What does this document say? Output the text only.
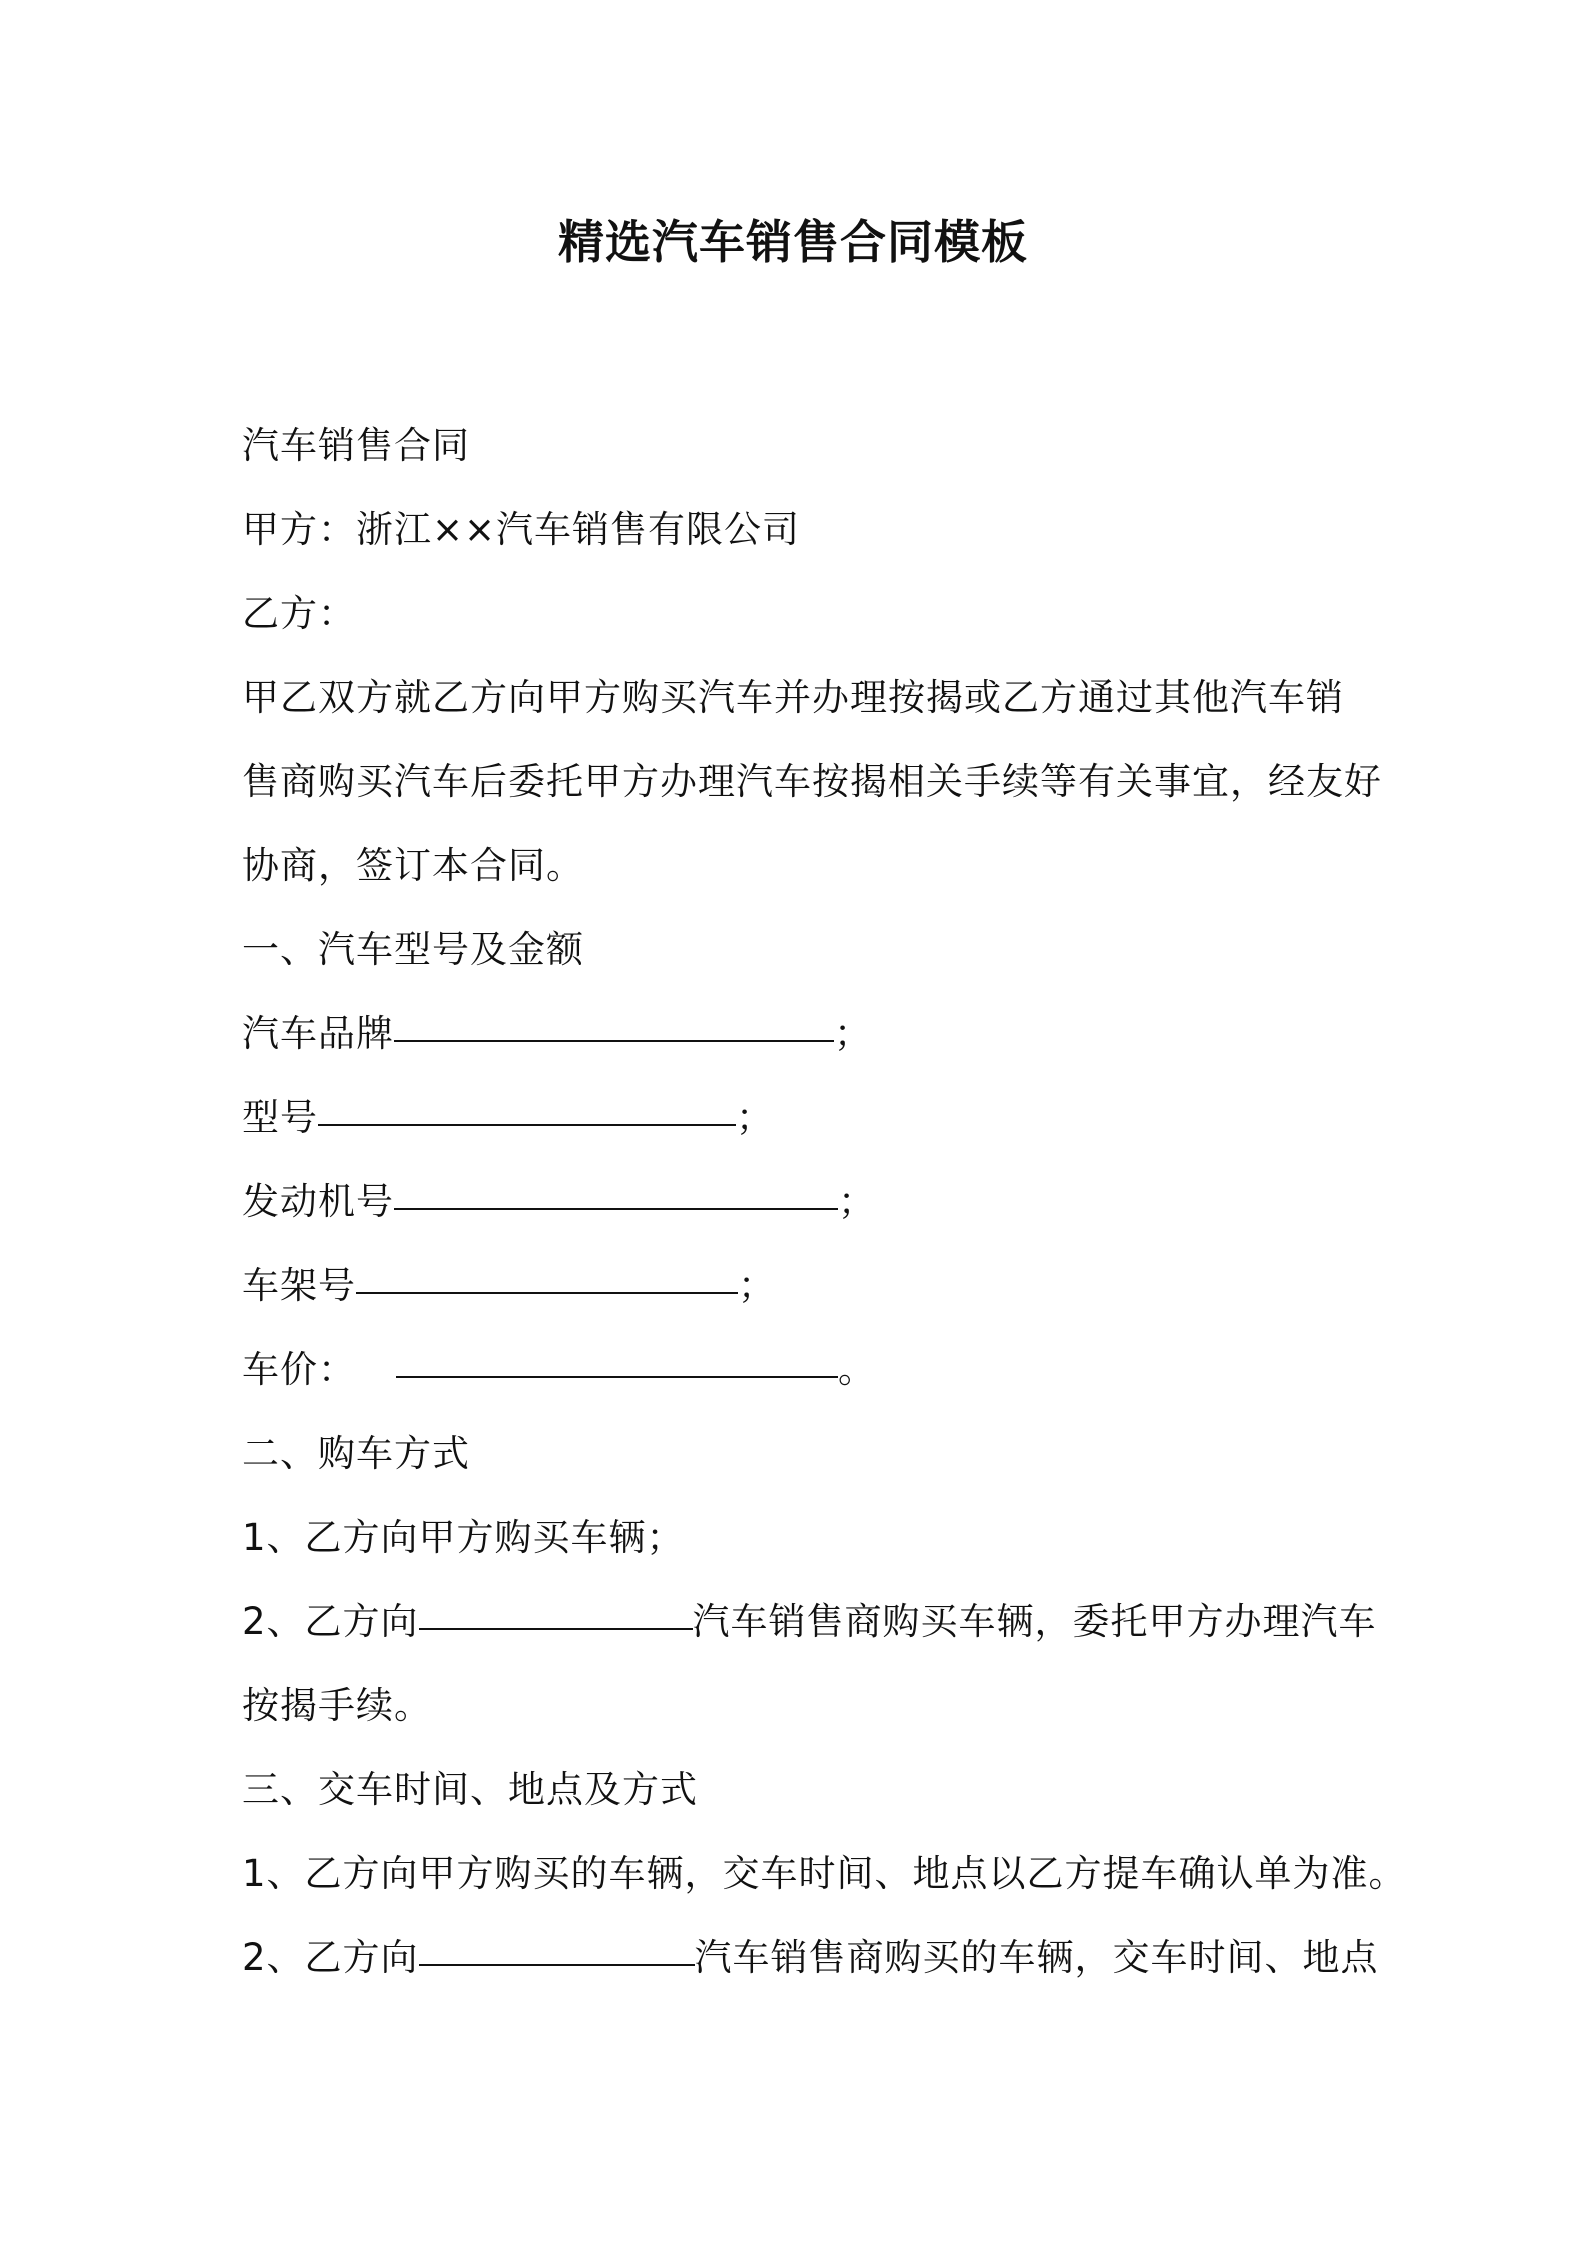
精选汽车销售合同模板
汽车销售合同
甲方：浙江××汽车销售有限公司
乙方：
甲乙双方就乙方向甲方购买汽车并办理按揭或乙方通过其他汽车销
售商购买汽车后委托甲方办理汽车按揭相关手续等有关事宜，经友好
协商，签订本合同。
一、汽车型号及金额
汽车品牌	；
型号	；
发动机号	；
车架号	；
车价：	。
二、购车方式
1、乙方向甲方购买车辆；
2、乙方向	汽车销售商购买车辆，委托甲方办理汽车
按揭手续。
三、交车时间、地点及方式
1、乙方向甲方购买的车辆，交车时间、地点以乙方提车确认单为准。
2、乙方向	汽车销售商购买的车辆，交车时间、地点
